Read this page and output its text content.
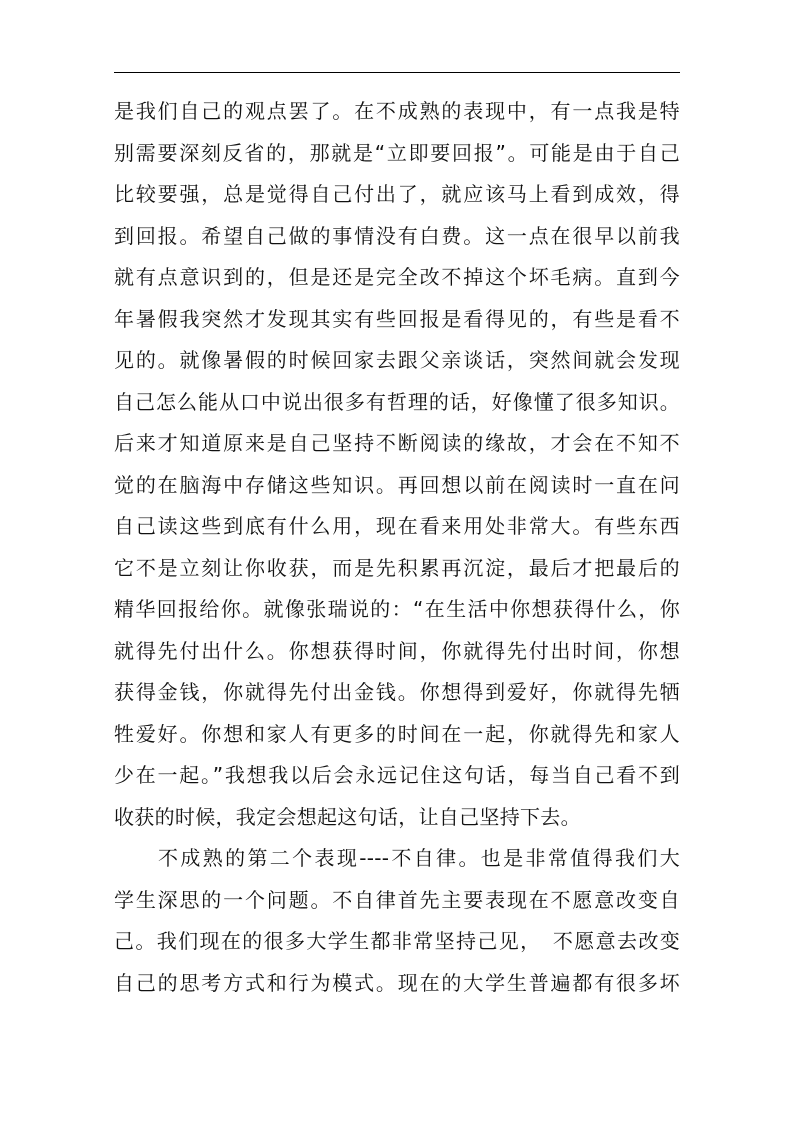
是我们自己的观点罢了。在不成熟的表现中，有一点我是特
别需要深刻反省的，那就是“立即要回报”。可能是由于自己
比较要强，总是觉得自己付出了，就应该马上看到成效，得
到回报。希望自己做的事情没有白费。这一点在很早以前我
就有点意识到的，但是还是完全改不掉这个坏毛病。直到今
年暑假我突然才发现其实有些回报是看得见的，有些是看不
见的。就像暑假的时候回家去跟父亲谈话，突然间就会发现
自己怎么能从口中说出很多有哲理的话，好像懂了很多知识。
后来才知道原来是自己坚持不断阅读的缘故，才会在不知不
觉的在脑海中存储这些知识。再回想以前在阅读时一直在问
自己读这些到底有什么用，现在看来用处非常大。有些东西
它不是立刻让你收获，而是先积累再沉淀，最后才把最后的
精华回报给你。就像张瑞说的：“在生活中你想获得什么，你
就得先付出什么。你想获得时间，你就得先付出时间，你想
获得金钱，你就得先付出金钱。你想得到爱好，你就得先牺
牲爱好。你想和家人有更多的时间在一起，你就得先和家人
少在一起。”我想我以后会永远记住这句话，每当自己看不到
收获的时候，我定会想起这句话，让自己坚持下去。
不成熟的第二个表现----不自律。也是非常值得我们大
学生深思的一个问题。不自律首先主要表现在不愿意改变自
己。我们现在的很多大学生都非常坚持己见，　不愿意去改变
自己的思考方式和行为模式。现在的大学生普遍都有很多坏
